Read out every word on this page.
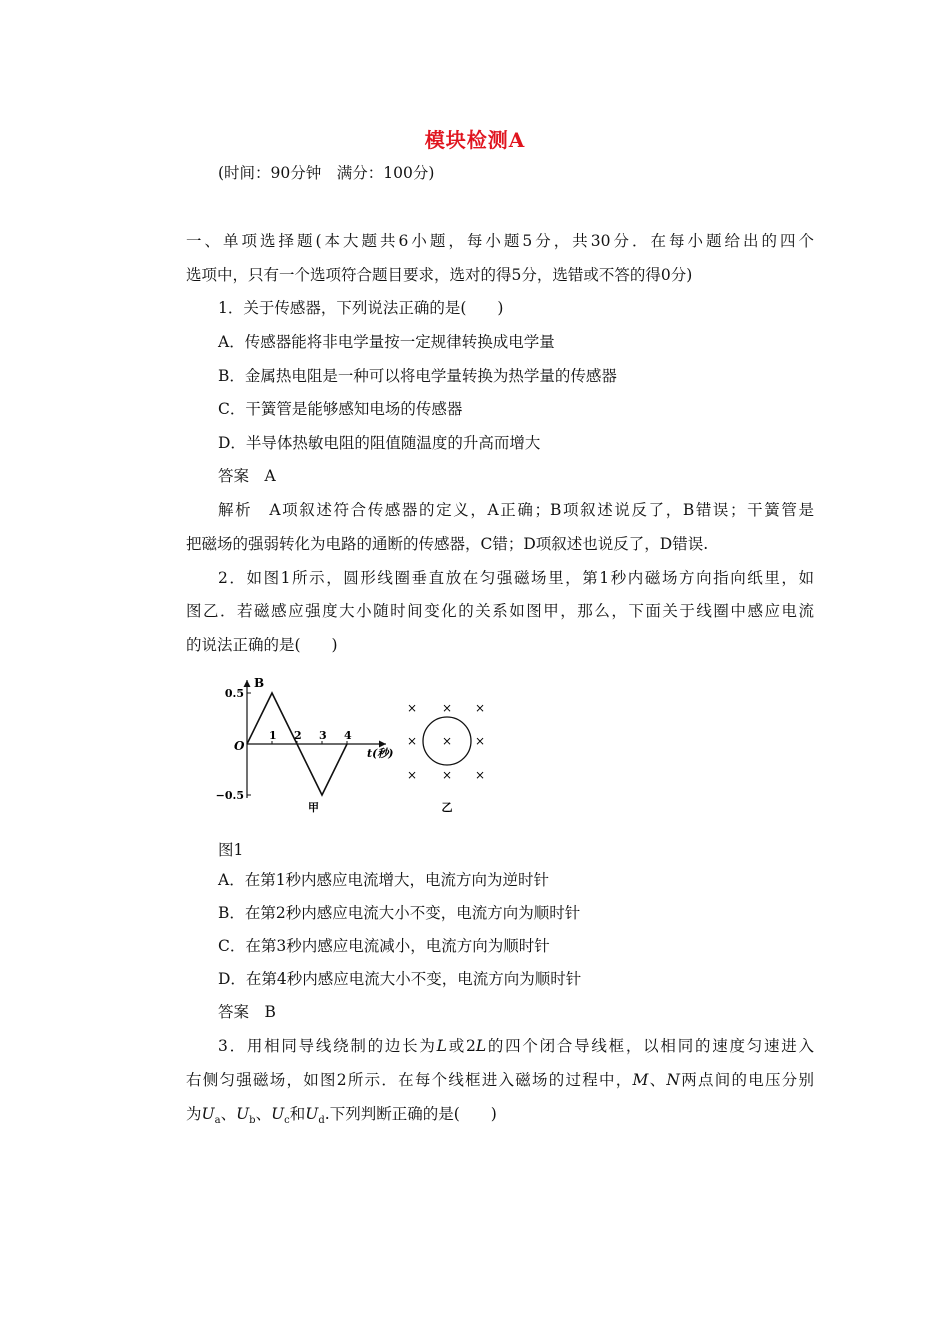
模块检测A
(时间：90分钟　满分：100分)
一、单项选择题(本大题共6小题，每小题5分，共30分．在每小题给出的四个
选项中，只有一个选项符合题目要求，选对的得5分，选错或不答的得0分)
1．关于传感器，下列说法正确的是(　　)
A．传感器能将非电学量按一定规律转换成电学量
B．金属热电阻是一种可以将电学量转换为热学量的传感器
C．干簧管是能够感知电场的传感器
D．半导体热敏电阻的阻值随温度的升高而增大
答案　A
解析　A项叙述符合传感器的定义，A正确；B项叙述说反了，B错误；干簧管是
把磁场的强弱转化为电路的通断的传感器，C错；D项叙述也说反了，D错误.
2．如图1所示，圆形线圈垂直放在匀强磁场里，第1秒内磁场方向指向纸里，如
图乙．若磁感应强度大小随时间变化的关系如图甲，那么，下面关于线圈中感应电流
的说法正确的是(　　)
B
t(秒)
O
0.5
−0.5
1 2 3 4
甲
× × ×
× × ×
× × ×
乙
图1
A．在第1秒内感应电流增大，电流方向为逆时针
B．在第2秒内感应电流大小不变，电流方向为顺时针
C．在第3秒内感应电流减小，电流方向为顺时针
D．在第4秒内感应电流大小不变，电流方向为顺时针
答案　B
3．用相同导线绕制的边长为L或2L的四个闭合导线框，以相同的速度匀速进入
右侧匀强磁场，如图2所示．在每个线框进入磁场的过程中，M、N两点间的电压分别
为$U_a$、$U_b$、$U_c$和$U_d$.下列判断正确的是(　　)
